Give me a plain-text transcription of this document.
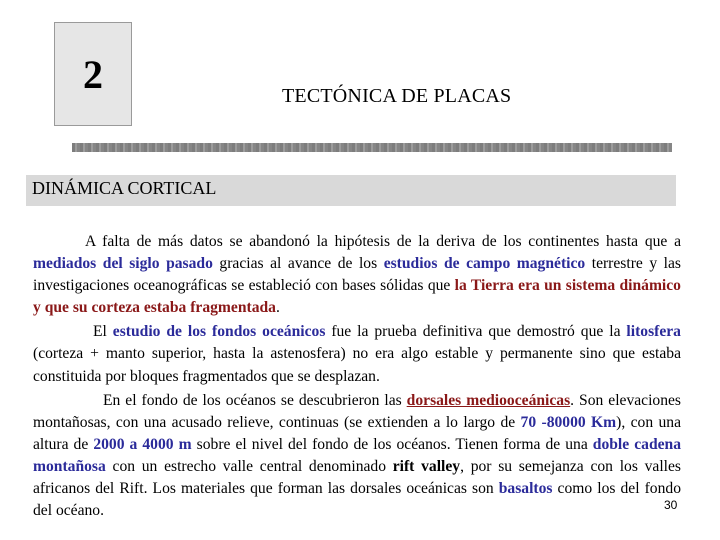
2	TECTÓNICA DE PLACAS
DINÁMICA CORTICAL

A falta de más datos se abandonó la hipótesis de la deriva de los continentes hasta que a mediados del siglo pasado gracias al avance de los estudios de campo magnético terrestre y las investigaciones oceanográficas se estableció con bases sólidas que la Tierra era un sistema dinámico y que su corteza estaba fragmentada.

El estudio de los fondos oceánicos fue la prueba definitiva que demostró que la litosfera (corteza + manto superior, hasta la astenosfera) no era algo estable y permanente sino que estaba constituida por bloques fragmentados que se desplazan.

En el fondo de los océanos se descubrieron las dorsales mediooceánicas. Son elevaciones montañosas, con una acusado relieve, continuas (se extienden a lo largo de 70 -80000 Km), con una altura de 2000 a 4000 m sobre el nivel del fondo de los océanos. Tienen forma de una doble cadena montañosa con un estrecho valle central denominado rift valley, por su semejanza con los valles africanos del Rift. Los materiales que forman las dorsales oceánicas son basaltos como los del fondo del océano.	30
